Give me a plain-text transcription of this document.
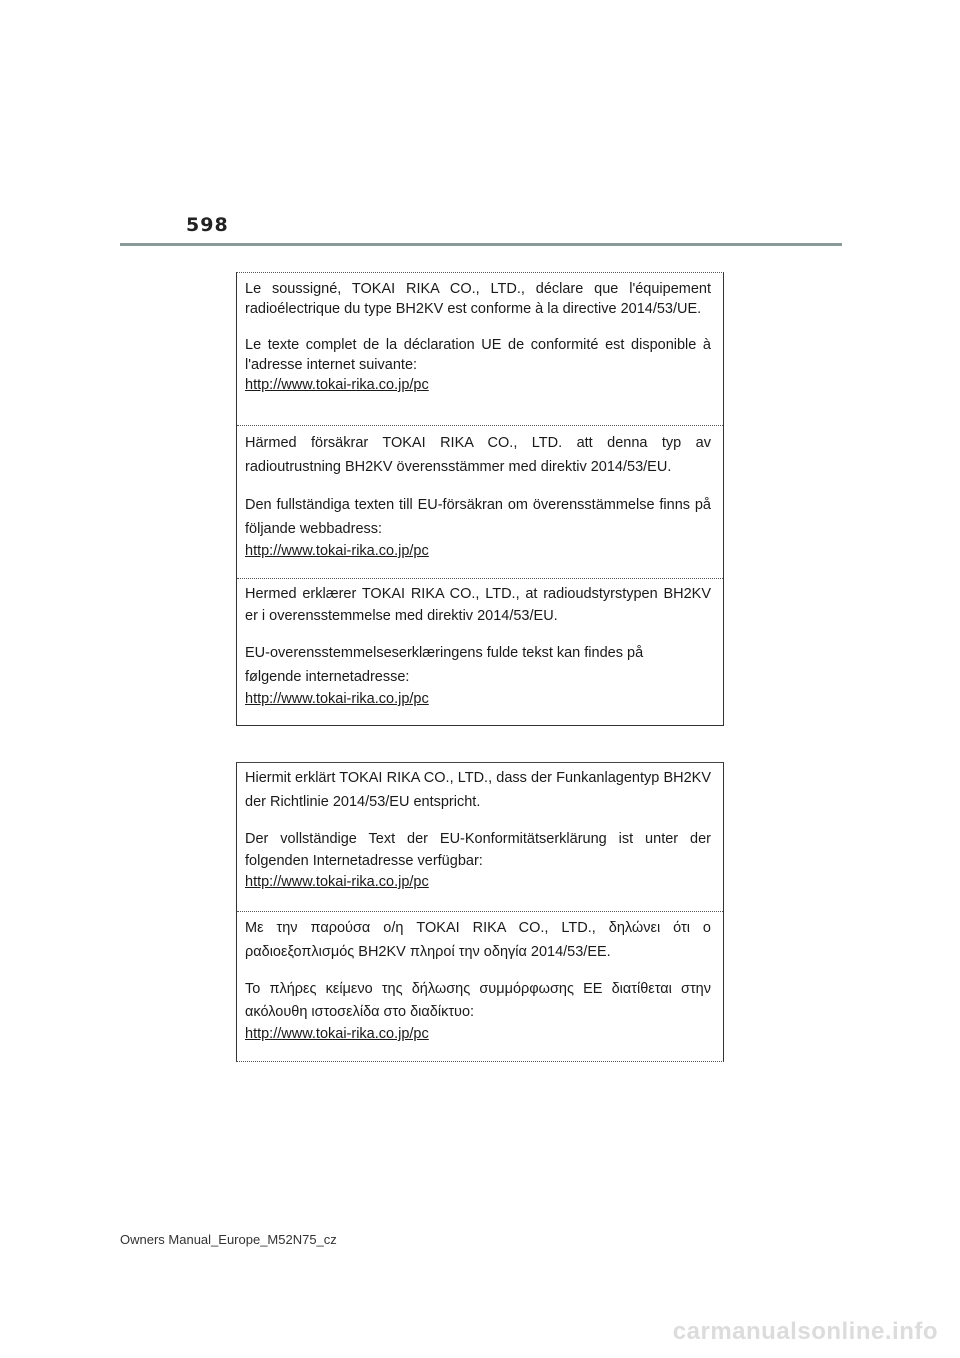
598

Le soussigné, TOKAI RIKA CO., LTD., déclare que l'équipement radioélectrique du type BH2KV est conforme à la directive 2014/53/UE.

Le texte complet de la déclaration UE de conformité est disponible à l'adresse internet suivante:

http://www.tokai-rika.co.jp/pc

Härmed försäkrar TOKAI RIKA CO., LTD. att denna typ av radioutrustning BH2KV överensstämmer med direktiv 2014/53/EU.

Den fullständiga texten till EU-försäkran om överensstämmelse finns på följande webbadress:

http://www.tokai-rika.co.jp/pc

Hermed erklærer TOKAI RIKA CO., LTD., at radioudstyrstypen BH2KV er i overensstemmelse med direktiv 2014/53/EU.

EU-overensstemmelseserklæringens fulde tekst kan findes på følgende internetadresse:

http://www.tokai-rika.co.jp/pc

Hiermit erklärt TOKAI RIKA CO., LTD., dass der Funkanlagentyp BH2KV der Richtlinie 2014/53/EU entspricht.

Der vollständige Text der EU-Konformitätserklärung ist unter der folgenden Internetadresse verfügbar:

http://www.tokai-rika.co.jp/pc

Με την παρούσα ο/η TOKAI RIKA CO., LTD., δηλώνει ότι ο ραδιοεξοπλισμός BH2KV πληροί την οδηγία 2014/53/ΕΕ.

Το πλήρες κείμενο της δήλωσης συμμόρφωσης ΕΕ διατίθεται στην ακόλουθη ιστοσελίδα στο διαδίκτυο:

http://www.tokai-rika.co.jp/pc

Owners Manual_Europe_M52N75_cz
carmanualsonline.info
